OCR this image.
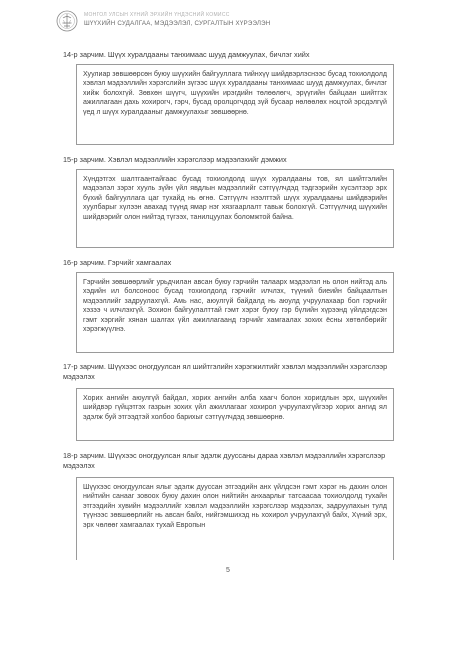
МОНГОЛ УЛСЫН ХҮНИЙ ЭРХИЙН ҮНДЭСНИЙ КОМИСС
ШҮҮХИЙН СУДАЛГАА, МЭДЭЭЛЭЛ, СУРГАЛТЫН ХҮРЭЭЛЭН
14-р зарчим. Шүүх хуралдааны танхимаас шууд дамжуулах, бичлэг хийх

Хуулиар зөвшөөрсөн буюу шүүхийн байгууллага тийнхүү шийдвэрлэснээс бусад тохиолдолд хэвлэл мэдээллийн хэрэгслийн зүгээс шүүх хуралдааны танхимаас шууд дамжуулах, бичлэг хийж болохгүй. Зөвхөн шүүгч, шүүхийн ирэгдийн төлөөлөгч, эрүүгийн байцаан шийтгэх ажиллагаан дахь хохирогч, гэрч, бусад оролцогчдод зүй бусаар нөлөөлөх ноцтой эрсдэлгүй үед л шүүх хуралдааныг дамжуулахыг зөвшөөрнө.

15-р зарчим. Хэвлэл мэдээллийн хэрэгслээр мэдээлэхийг дэмжих

Хүндэтгэх шалтгаантайгаас бусад тохиолдолд шүүх хуралдааны тов, ял шийтгэлийн мэдээлэл зэрэг хууль зүйн үйл явдлын мэдээллийг сэтгүүлчдэд тэдгээрийн хүсэлтээр эрх бүхий байгууллага цаг тухайд нь өгнө. Сэтгүүлч нээлттэй шүүх хуралдааны шийдвэрийн хуулбарыг хүлээн авахад түүнд ямар нэг хязгаарлалт тавьж болохгүй. Сэтгүүлчид шүүхийн шийдвэрийг олон нийтэд түгээх, танилцуулах боломжтой байна.

16-р зарчим. Гэрчийг хамгаалах

Гэрчийн зөвшөөрлийг урьдчилан авсан буюу гэрчийн талаарх мэдээлэл нь олон нийтэд аль хэдийн ил болсоноос бусад тохиолдолд гэрчийг илчлэх, түүний биеийн байцаалтын мэдээллийг задруулахгүй. Амь нас, аюулгүй байдалд нь аюулд учруулахаар бол гэрчийг хэзээ ч илчлэхгүй. Зохион байгуулалттай гэмт хэрэг буюу гэр бүлийн хүрээнд үйлдэгдсэн гэмт хэргийг хянан шалгах үйл ажиллагаанд гэрчийг хамгаалах зохих ёсны хөтөлбөрийг хэрэгжүүлнэ.

17-р зарчим. Шүүхээс оногдуулсан ял шийтгэлийн хэрэгжилтийг хэвлэл мэдээллийн хэрэгслээр мэдээлэх

Хорих ангийн аюулгүй байдал, хорих ангийн алба хаагч болон хоригдлын эрх, шүүхийн шийдвэр гүйцэтгэх газрын зохих үйл ажиллагааг хохирол учруулахгүйгээр хорих ангид ял эдэлж буй этгээдтэй холбоо барихыг сэтгүүлчдэд зөвшөөрнө.

18-р зарчим. Шүүхээс оногдуулсан ялыг эдэлж дууссаны дараа хэвлэл мэдээллийн хэрэгслээр мэдээлэх

Шүүхээс оногдуулсан ялыг эдэлж дууссан этгээдийн анх үйлдсэн гэмт хэрэг нь дахин олон нийтийн санааг зовоох буюу дахин олон нийтийн анхаарлыг татсаасаа тохиолдолд тухайн этгээдийн хувийн мэдээллийг хэвлэл мэдээллийн хэрэгслээр мэдээлэх, задруулахын тулд түүнээс зөвшөөрлийг нь авсан байх, нийгэмшихэд нь хохирол учруулахгүй байх, Хүний эрх, эрх чөлөөг хамгаалах тухай Европын

5
